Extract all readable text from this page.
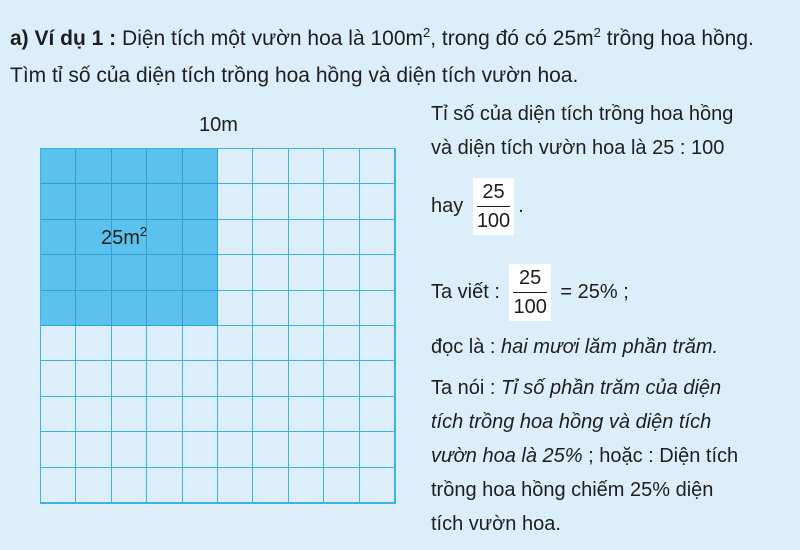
a) Ví dụ 1 : Diện tích một vườn hoa là $100m^2$, trong đó có $25m^2$ trồng hoa hồng. Tìm tỉ số của diện tích trồng hoa hồng và diện tích vườn hoa.
10m
$25m^2$
Tỉ số của diện tích trồng hoa hồng
và diện tích vườn hoa là 25 : 100
hay $\frac{25}{100}$ .
Ta viết : $\frac{25}{100} = 25\%$ ;
đọc là : hai mươi lăm phần trăm.
Ta nói : Tỉ số phần trăm của diện
tích trồng hoa hồng và diện tích
vườn hoa là 25% ; hoặc : Diện tích
trồng hoa hồng chiếm 25% diện
tích vườn hoa.
